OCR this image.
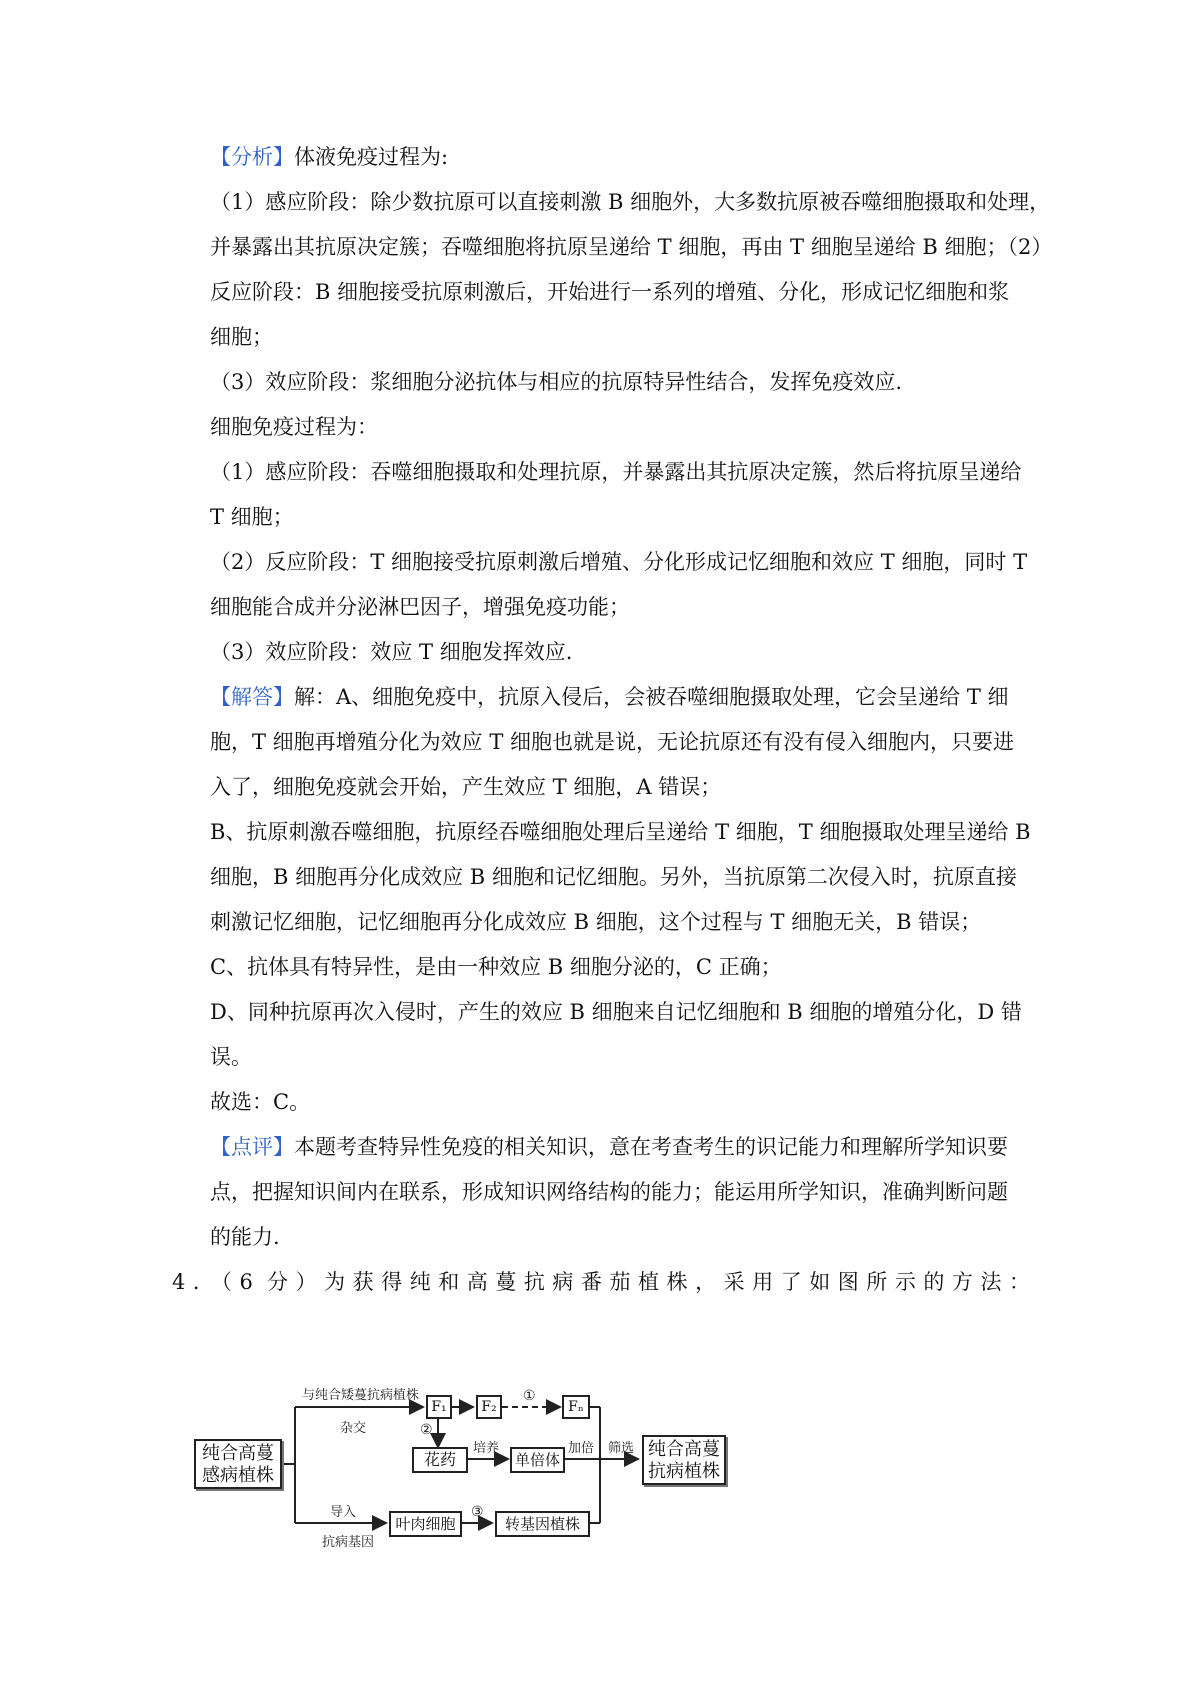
【分析】体液免疫过程为:
（1）感应阶段：除少数抗原可以直接刺激 B 细胞外，大多数抗原被吞噬细胞摄取和处理，
并暴露出其抗原决定簇；吞噬细胞将抗原呈递给 T 细胞，再由 T 细胞呈递给 B 细胞；（2）
反应阶段：B 细胞接受抗原刺激后，开始进行一系列的增殖、分化，形成记忆细胞和浆
细胞；
（3）效应阶段：浆细胞分泌抗体与相应的抗原特异性结合，发挥免疫效应.
细胞免疫过程为：
（1）感应阶段：吞噬细胞摄取和处理抗原，并暴露出其抗原决定簇，然后将抗原呈递给
T 细胞；
（2）反应阶段：T 细胞接受抗原刺激后增殖、分化形成记忆细胞和效应 T 细胞，同时 T
细胞能合成并分泌淋巴因子，增强免疫功能；
（3）效应阶段：效应 T 细胞发挥效应.
【解答】解：A、细胞免疫中，抗原入侵后，会被吞噬细胞摄取处理，它会呈递给 T 细
胞，T 细胞再增殖分化为效应 T 细胞也就是说，无论抗原还有没有侵入细胞内，只要进
入了，细胞免疫就会开始，产生效应 T 细胞，A 错误；
B、抗原刺激吞噬细胞，抗原经吞噬细胞处理后呈递给 T 细胞，T 细胞摄取处理呈递给 B
细胞，B 细胞再分化成效应 B 细胞和记忆细胞。另外，当抗原第二次侵入时，抗原直接
刺激记忆细胞，记忆细胞再分化成效应 B 细胞，这个过程与 T 细胞无关，B 错误；
C、抗体具有特异性，是由一种效应 B 细胞分泌的，C 正确；
D、同种抗原再次入侵时，产生的效应 B 细胞来自记忆细胞和 B 细胞的增殖分化，D 错
误。
故选：C。
【点评】本题考查特异性免疫的相关知识，意在考查考生的识记能力和理解所学知识要
点，把握知识间内在联系，形成知识网络结构的能力；能运用所学知识，准确判断问题
的能力.
4．（6 分）为获得纯和高蔓抗病番茄植株，采用了如图所示的方法：
纯合高蔓
感病植株
与纯合矮蔓抗病植株
杂交
F₁	F₂
①
Fₙ
②
花药
培养
单倍体
加倍 筛选 纯合高蔓
抗病植株
导入
抗病基因
叶肉细胞
③
转基因植株
